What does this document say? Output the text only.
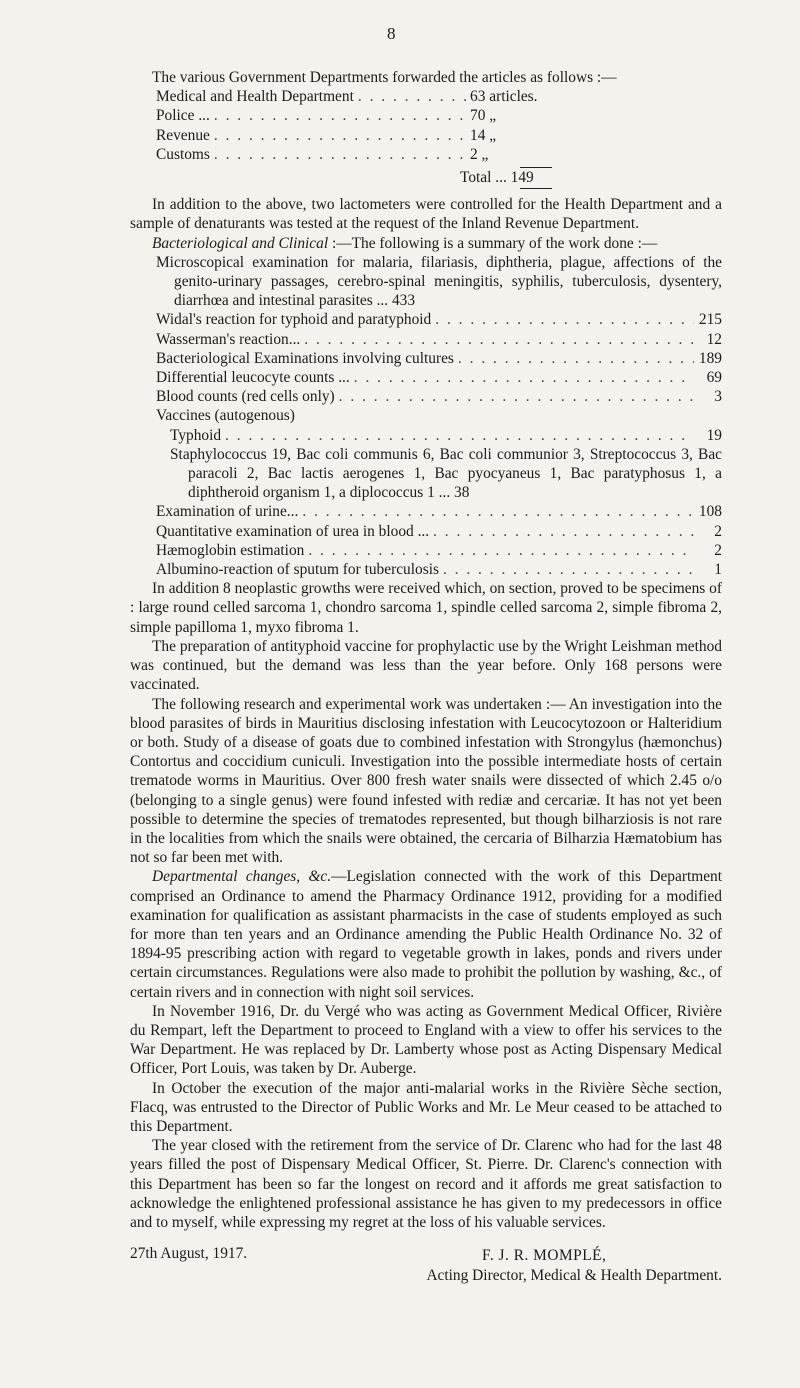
8

The various Government Departments forwarded the articles as follows :—

Medical and Health Department . . .	63 articles.
Police ... . . .	70 „
Revenue . . .	14 „
Customs . . .	2 „
Total ... 149

In addition to the above, two lactometers were controlled for the Health Department and a sample of denaturants was tested at the request of the Inland Revenue Department.

Bacteriological and Clinical :—The following is a summary of the work done :—

Microscopical examination for malaria, filariasis, diphtheria, plague, affections of the genito-urinary passages, cerebro-spinal meningitis, syphilis, tuberculosis, dysentery, diarrhœa and intestinal parasites ... 433
Widal's reaction for typhoid and paratyphoid . . .	215
Wasserman's reaction... . . .	12
Bacteriological Examinations involving cultures . . .	189
Differential leucocyte counts ... . . .	69
Blood counts (red cells only) . . .	3
Vaccines (autogenous)
Typhoid . . .	19
Staphylococcus 19, Bac coli communis 6, Bac coli communior 3, Streptococcus 3, Bac paracoli 2, Bac lactis aerogenes 1, Bac pyocyaneus 1, Bac paratyphosus 1, a diphtheroid organism 1, a diplococcus 1 ... 38
Examination of urine... . . .	108
Quantitative examination of urea in blood ... . . .	2
Hæmoglobin estimation . . .	2
Albumino-reaction of sputum for tuberculosis . . .	1

In addition 8 neoplastic growths were received which, on section, proved to be specimens of : large round celled sarcoma 1, chondro sarcoma 1, spindle celled sarcoma 2, simple fibroma 2, simple papilloma 1, myxo fibroma 1.

The preparation of antityphoid vaccine for prophylactic use by the Wright Leishman method was continued, but the demand was less than the year before. Only 168 persons were vaccinated.

The following research and experimental work was undertaken :— An investigation into the blood parasites of birds in Mauritius disclosing infestation with Leucocytozoon or Halteridium or both. Study of a disease of goats due to combined infestation with Strongylus (hæmonchus) Contortus and coccidium cuniculi. Investigation into the possible intermediate hosts of certain trematode worms in Mauritius. Over 800 fresh water snails were dissected of which 2.45 o/o (belonging to a single genus) were found infested with rediæ and cercariæ. It has not yet been possible to determine the species of trematodes represented, but though bilharziosis is not rare in the localities from which the snails were obtained, the cercaria of Bilharzia Hæmatobium has not so far been met with.

Departmental changes, &c.—Legislation connected with the work of this Department comprised an Ordinance to amend the Pharmacy Ordinance 1912, providing for a modified examination for qualification as assistant pharmacists in the case of students employed as such for more than ten years and an Ordinance amending the Public Health Ordinance No. 32 of 1894-95 prescribing action with regard to vegetable growth in lakes, ponds and rivers under certain circumstances. Regulations were also made to prohibit the pollution by washing, &c., of certain rivers and in connection with night soil services.

In November 1916, Dr. du Vergé who was acting as Government Medical Officer, Rivière du Rempart, left the Department to proceed to England with a view to offer his services to the War Department. He was replaced by Dr. Lamberty whose post as Acting Dispensary Medical Officer, Port Louis, was taken by Dr. Auberge.

In October the execution of the major anti-malarial works in the Rivière Sèche section, Flacq, was entrusted to the Director of Public Works and Mr. Le Meur ceased to be attached to this Department.

The year closed with the retirement from the service of Dr. Clarenc who had for the last 48 years filled the post of Dispensary Medical Officer, St. Pierre. Dr. Clarenc's connection with this Department has been so far the longest on record and it affords me great satisfaction to acknowledge the enlightened professional assistance he has given to my predecessors in office and to myself, while expressing my regret at the loss of his valuable services.

27th August, 1917.	F. J. R. MOMPLÉ,
Acting Director, Medical & Health Department.
